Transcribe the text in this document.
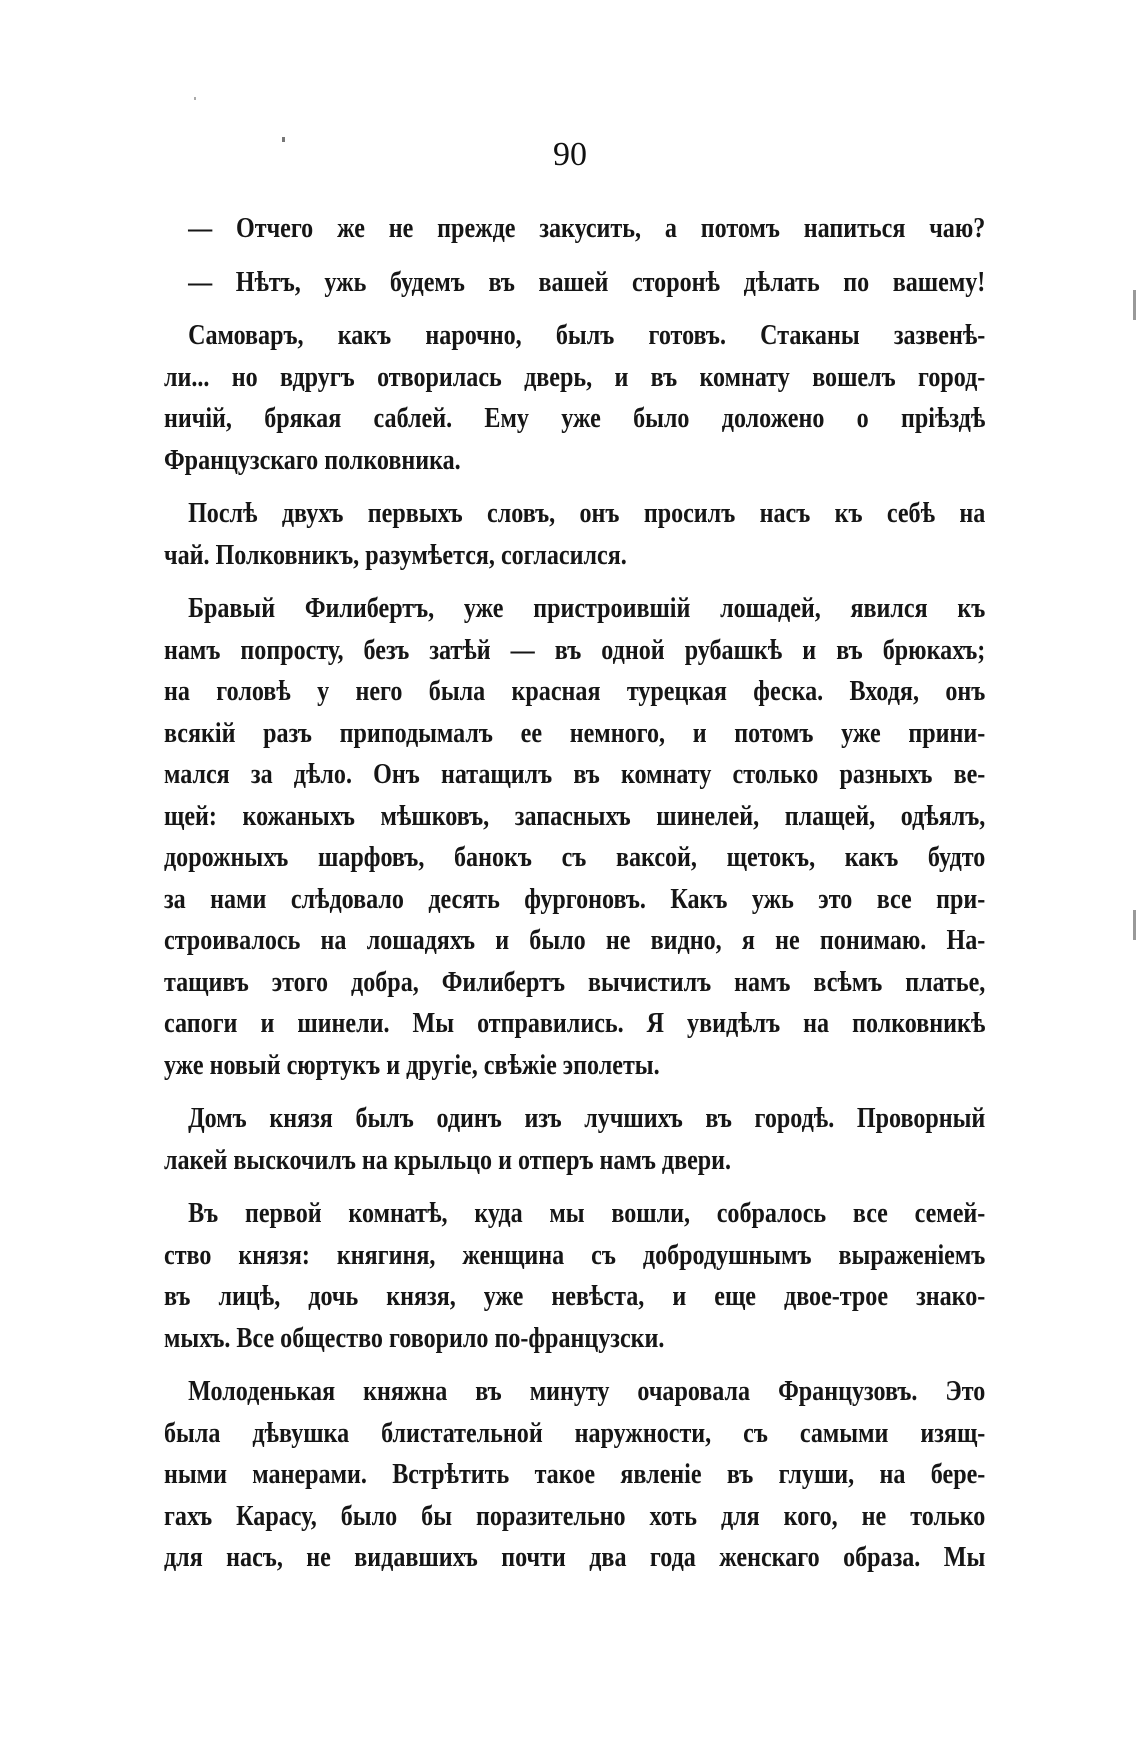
90
— Отчего же не прежде закусить, а потомъ напиться чаю?
— Нѣтъ, ужь будемъ въ вашей сторонѣ дѣлать по вашему!
Самоваръ, какъ нарочно, былъ готовъ. Стаканы зазвенѣ-
ли... но вдругъ отворилась дверь, и въ комнату вошелъ город-
ничій, брякая саблей. Ему уже было доложено о пріѣздѣ
Французскаго полковника.
Послѣ двухъ первыхъ словъ, онъ просилъ насъ къ себѣ на
чай. Полковникъ, разумѣется, согласился.
Бравый Филибертъ, уже пристроившій лошадей, явился къ
намъ попросту, безъ затѣй — въ одной рубашкѣ и въ брюкахъ;
на головѣ у него была красная турецкая феска. Входя, онъ
всякій разъ приподымалъ ее немного, и потомъ уже прини-
мался за дѣло. Онъ натащилъ въ комнату столько разныхъ ве-
щей: кожаныхъ мѣшковъ, запасныхъ шинелей, плащей, одѣялъ,
дорожныхъ шарфовъ, банокъ съ ваксой, щетокъ, какъ будто
за нами слѣдовало десять фургоновъ. Какъ ужь это все при-
строивалось на лошадяхъ и было не видно, я не понимаю. На-
тащивъ этого добра, Филибертъ вычистилъ намъ всѣмъ платье,
сапоги и шинели. Мы отправились. Я увидѣлъ на полковникѣ
уже новый сюртукъ и другіе, свѣжіе эполеты.
Домъ князя былъ одинъ изъ лучшихъ въ городѣ. Проворный
лакей выскочилъ на крыльцо и отперъ намъ двери.
Въ первой комнатѣ, куда мы вошли, собралось все семей-
ство князя: княгиня, женщина съ добродушнымъ выраженіемъ
въ лицѣ, дочь князя, уже невѣста, и еще двое-трое знако-
мыхъ. Все общество говорило по-французски.
Молоденькая княжна въ минуту очаровала Французовъ. Это
была дѣвушка блистательной наружности, съ самыми изящ-
ными манерами. Встрѣтить такое явленіе въ глуши, на бере-
гахъ Карасу, было бы поразительно хоть для кого, не только
для насъ, не видавшихъ почти два года женскаго образа. Мы
